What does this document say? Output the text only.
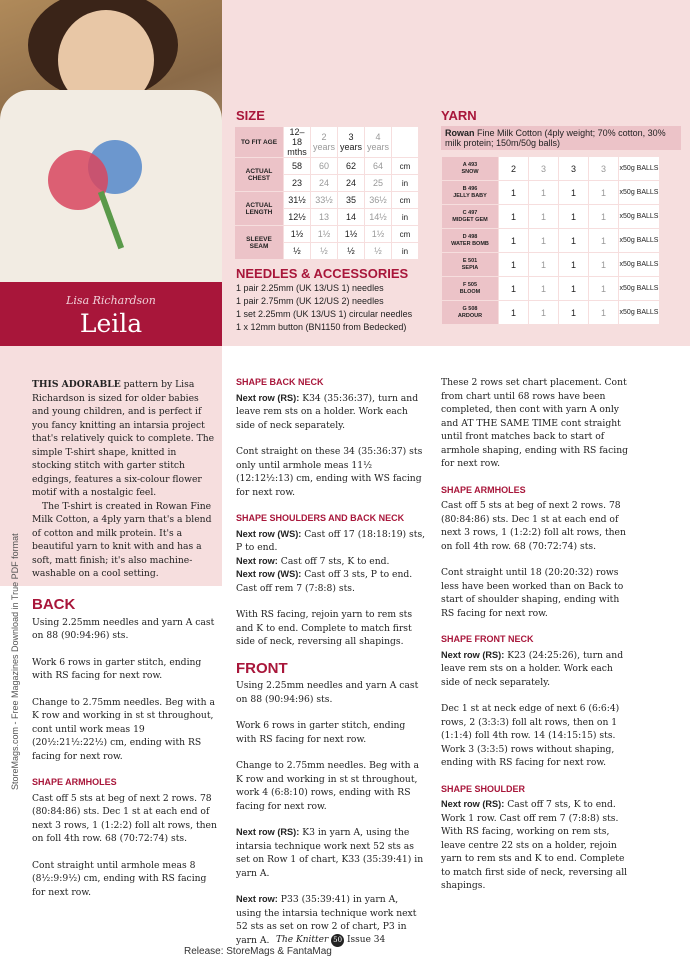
Lisa Richardson
Leila
SIZE
TO FIT AGE	12–18 mths	2 years	3 years	4 years	
ACTUAL CHEST	58	60	62	64	cm
	23	24	24	25	in
ACTUAL LENGTH	31½	33½	35	36½	cm
	12½	13	14	14½	in
SLEEVE SEAM	1½	1½	1½	1½	cm
	½	½	½	½	in
NEEDLES & ACCESSORIES
1 pair 2.25mm (UK 13/US 1) needles
1 pair 2.75mm (UK 12/US 2) needles
1 set 2.25mm (UK 13/US 1) circular needles
1 x 12mm button (BN1150 from Bedecked)
YARN
Rowan Fine Milk Cotton (4ply weight; 70% cotton, 30% milk protein; 150m/50g balls)
A 493
SNOW	2	3	3	3	x50g BALLS
B 496
JELLY BABY	1	1	1	1	x50g BALLS
C 497
MIDGET GEM	1	1	1	1	x50g BALLS
D 498
WATER BOMB	1	1	1	1	x50g BALLS
E 501
SEPIA	1	1	1	1	x50g BALLS
F 505
BLOOM	1	1	1	1	x50g BALLS
G 508
ARDOUR	1	1	1	1	x50g BALLS

THIS ADORABLE pattern by Lisa Richardson is sized for older babies and young children, and is perfect if you fancy knitting an intarsia project that's relatively quick to complete. The simple T-shirt shape, knitted in stocking stitch with garter stitch edgings, features a six-colour flower motif with a nostalgic feel.

The T-shirt is created in Rowan Fine Milk Cotton, a 4ply yarn that's a blend of cotton and milk protein. It's a beautiful yarn to knit with and has a soft, matt finish; it's also machine-washable on a cool setting.

BACK

Using 2.25mm needles and yarn A cast on 88 (90:94:96) sts.

Work 6 rows in garter stitch, ending with RS facing for next row.

Change to 2.75mm needles. Beg with a K row and working in st st throughout, cont until work meas 19 (20½:21½:22½) cm, ending with RS facing for next row.

SHAPE ARMHOLES

Cast off 5 sts at beg of next 2 rows. 78 (80:84:86) sts. Dec 1 st at each end of next 3 rows, 1 (1:2:2) foll alt rows, then on foll 4th row. 68 (70:72:74) sts.

Cont straight until armhole meas 8 (8½:9:9½) cm, ending with RS facing for next row.

SHAPE BACK NECK

Next row (RS): K34 (35:36:37), turn and leave rem sts on a holder. Work each side of neck separately.

Cont straight on these 34 (35:36:37) sts only until armhole meas 11½ (12:12½:13) cm, ending with WS facing for next row.

SHAPE SHOULDERS AND BACK NECK

Next row (WS): Cast off 17 (18:18:19) sts, P to end.

Next row: Cast off 7 sts, K to end.

Next row (WS): Cast off 3 sts, P to end.

Cast off rem 7 (7:8:8) sts.

With RS facing, rejoin yarn to rem sts and K to end. Complete to match first side of neck, reversing all shapings.

FRONT

Using 2.25mm needles and yarn A cast on 88 (90:94:96) sts.

Work 6 rows in garter stitch, ending with RS facing for next row.

Change to 2.75mm needles. Beg with a K row and working in st st throughout, work 4 (6:8:10) rows, ending with RS facing for next row.

Next row (RS): K3 in yarn A, using the intarsia technique work next 52 sts as set on Row 1 of chart, K33 (35:39:41) in yarn A.

Next row: P33 (35:39:41) in yarn A, using the intarsia technique work next 52 sts as set on row 2 of chart, P3 in yarn A.

These 2 rows set chart placement. Cont from chart until 68 rows have been completed, then cont with yarn A only and AT THE SAME TIME cont straight until front matches back to start of armhole shaping, ending with RS facing for next row.

SHAPE ARMHOLES

Cast off 5 sts at beg of next 2 rows. 78 (80:84:86) sts. Dec 1 st at each end of next 3 rows, 1 (1:2:2) foll alt rows, then on foll 4th row. 68 (70:72:74) sts.

Cont straight until 18 (20:20:32) rows less have been worked than on Back to start of shoulder shaping, ending with RS facing for next row.

SHAPE FRONT NECK

Next row (RS): K23 (24:25:26), turn and leave rem sts on a holder. Work each side of neck separately.

Dec 1 st at neck edge of next 6 (6:6:4) rows, 2 (3:3:3) foll alt rows, then on 1 (1:1:4) foll 4th row. 14 (14:15:15) sts. Work 3 (3:3:5) rows without shaping, ending with RS facing for next row.

SHAPE SHOULDER

Next row (RS): Cast off 7 sts, K to end.

Work 1 row. Cast off rem 7 (7:8:8) sts. With RS facing, working on rem sts, leave centre 22 sts on a holder, rejoin yarn to rem sts and K to end. Complete to match first side of neck, reversing all shapings.

StoreMags.com - Free Magazines Download in True PDF format
The Knitter 50 Issue 34
Release: StoreMags & FantaMag
